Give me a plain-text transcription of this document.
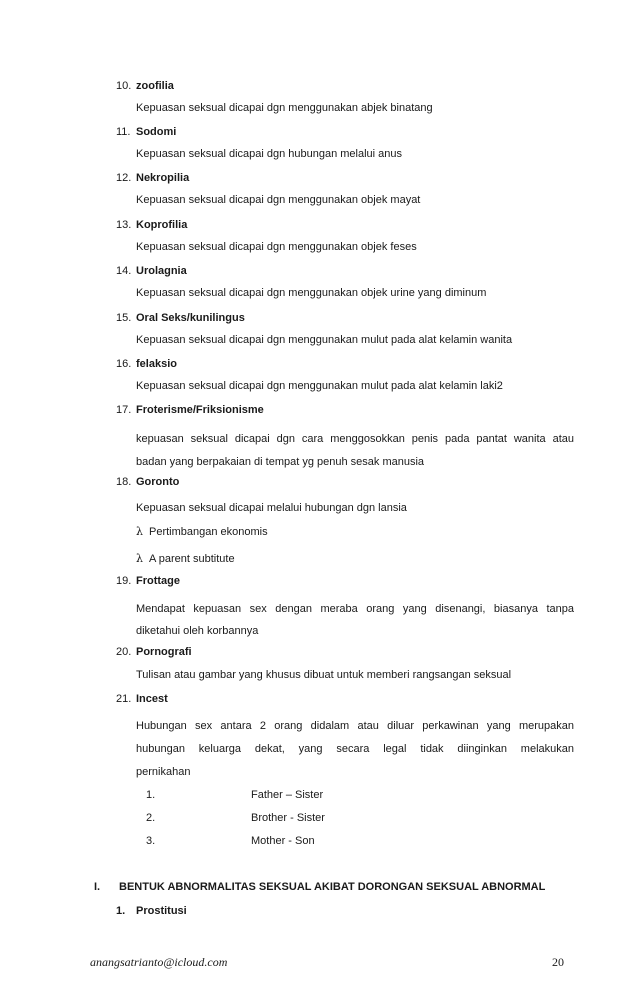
10. zoofilia
Kepuasan seksual dicapai dgn menggunakan abjek binatang
11. Sodomi
Kepuasan seksual dicapai dgn hubungan melalui anus
12. Nekropilia
Kepuasan seksual dicapai dgn menggunakan objek mayat
13. Koprofilia
Kepuasan seksual dicapai dgn menggunakan objek feses
14. Urolagnia
Kepuasan seksual dicapai dgn menggunakan objek urine yang diminum
15. Oral Seks/kunilingus
Kepuasan seksual dicapai dgn menggunakan mulut pada alat kelamin wanita
16. felaksio
Kepuasan seksual dicapai dgn menggunakan mulut pada alat kelamin laki2
17. Froterisme/Friksionisme
kepuasan seksual dicapai dgn cara menggosokkan penis pada pantat wanita atau
badan yang berpakaian di tempat yg penuh sesak manusia
18. Goronto
Kepuasan seksual dicapai melalui hubungan dgn lansia
λ Pertimbangan ekonomis
λ A parent subtitute
19. Frottage
Mendapat kepuasan sex dengan meraba orang yang disenangi, biasanya tanpa
diketahui oleh korbannya
20. Pornografi
Tulisan atau gambar yang khusus dibuat untuk memberi rangsangan seksual
21. Incest
Hubungan sex antara 2 orang didalam atau diluar perkawinan yang merupakan
hubungan keluarga dekat, yang secara legal tidak diinginkan melakukan
pernikahan
1.	Father – Sister
2.	Brother - Sister
3.	Mother - Son
I. BENTUK ABNORMALITAS SEKSUAL AKIBAT DORONGAN SEKSUAL ABNORMAL
1. Prostitusi
anangsatrianto@icloud.com	20
